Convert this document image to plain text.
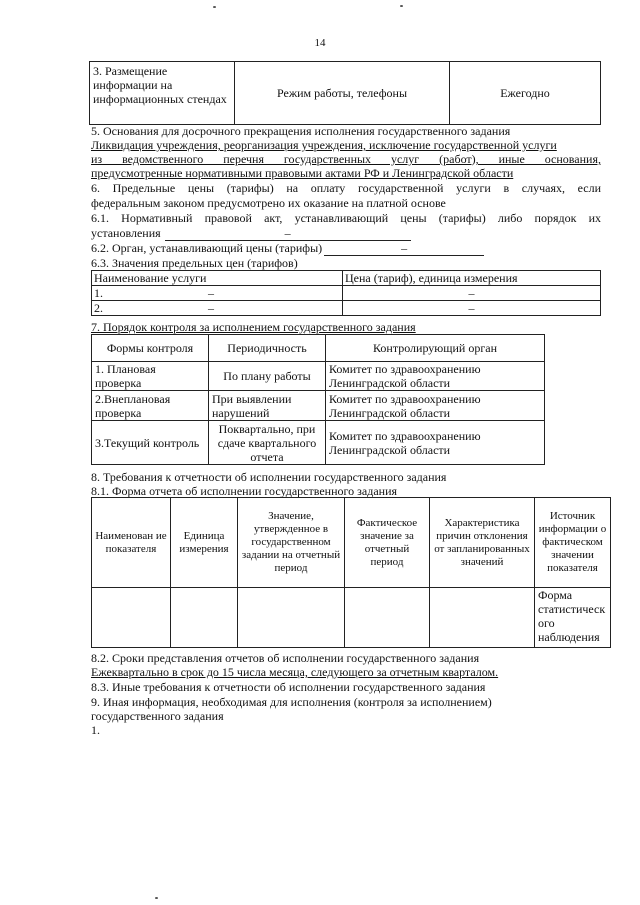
14
3. Размещение информации на информационных стендах	Режим работы, телефоны	Ежегодно
5. Основания для досрочного прекращения исполнения государственного задания
Ликвидация учреждения, реорганизация учреждения, исключение государственной услуги
из ведомственного перечня государственных услуг (работ), иные основания,
предусмотренные нормативными правовыми актами РФ и Ленинградской области
6. Предельные цены (тарифы) на оплату государственной услуги в случаях, если
федеральным законом предусмотрено их оказание на платной основе
6.1. Нормативный правовой акт, устанавливающий цены (тарифы) либо порядок их
установления	–
6.2. Орган, устанавливающий цены (тарифы)	–
6.3. Значения предельных цен (тарифов)
Наименование услуги	Цена (тариф), единица измерения
1. –	–
2. –	–
7. Порядок контроля за исполнением государственного задания
Формы контроля	Периодичность	Контролирующий орган
1. Плановая проверка	По плану работы	Комитет по здравоохранению Ленинградской области
2.Внеплановая проверка	При выявлении нарушений	Комитет по здравоохранению Ленинградской области
3.Текущий контроль	Поквартально, при сдаче квартального отчета	Комитет по здравоохранению Ленинградской области
8. Требования к отчетности об исполнении государственного задания
8.1. Форма отчета об исполнении государственного задания
Наименован ие показателя	Единица измерения	Значение, утвержденное в государственном задании на отчетный период	Фактическое значение за отчетный период	Характеристика причин отклонения от запланированных значений	Источник информации о фактическом значении показателя
					Форма статистическ ого наблюдения
8.2. Сроки представления отчетов об исполнении государственного задания
Ежеквартально в срок до 15 числа месяца, следующего за отчетным кварталом.
8.3. Иные требования к отчетности об исполнении государственного задания
9. Иная информация, необходимая для исполнения (контроля за исполнением)
государственного задания
1.
